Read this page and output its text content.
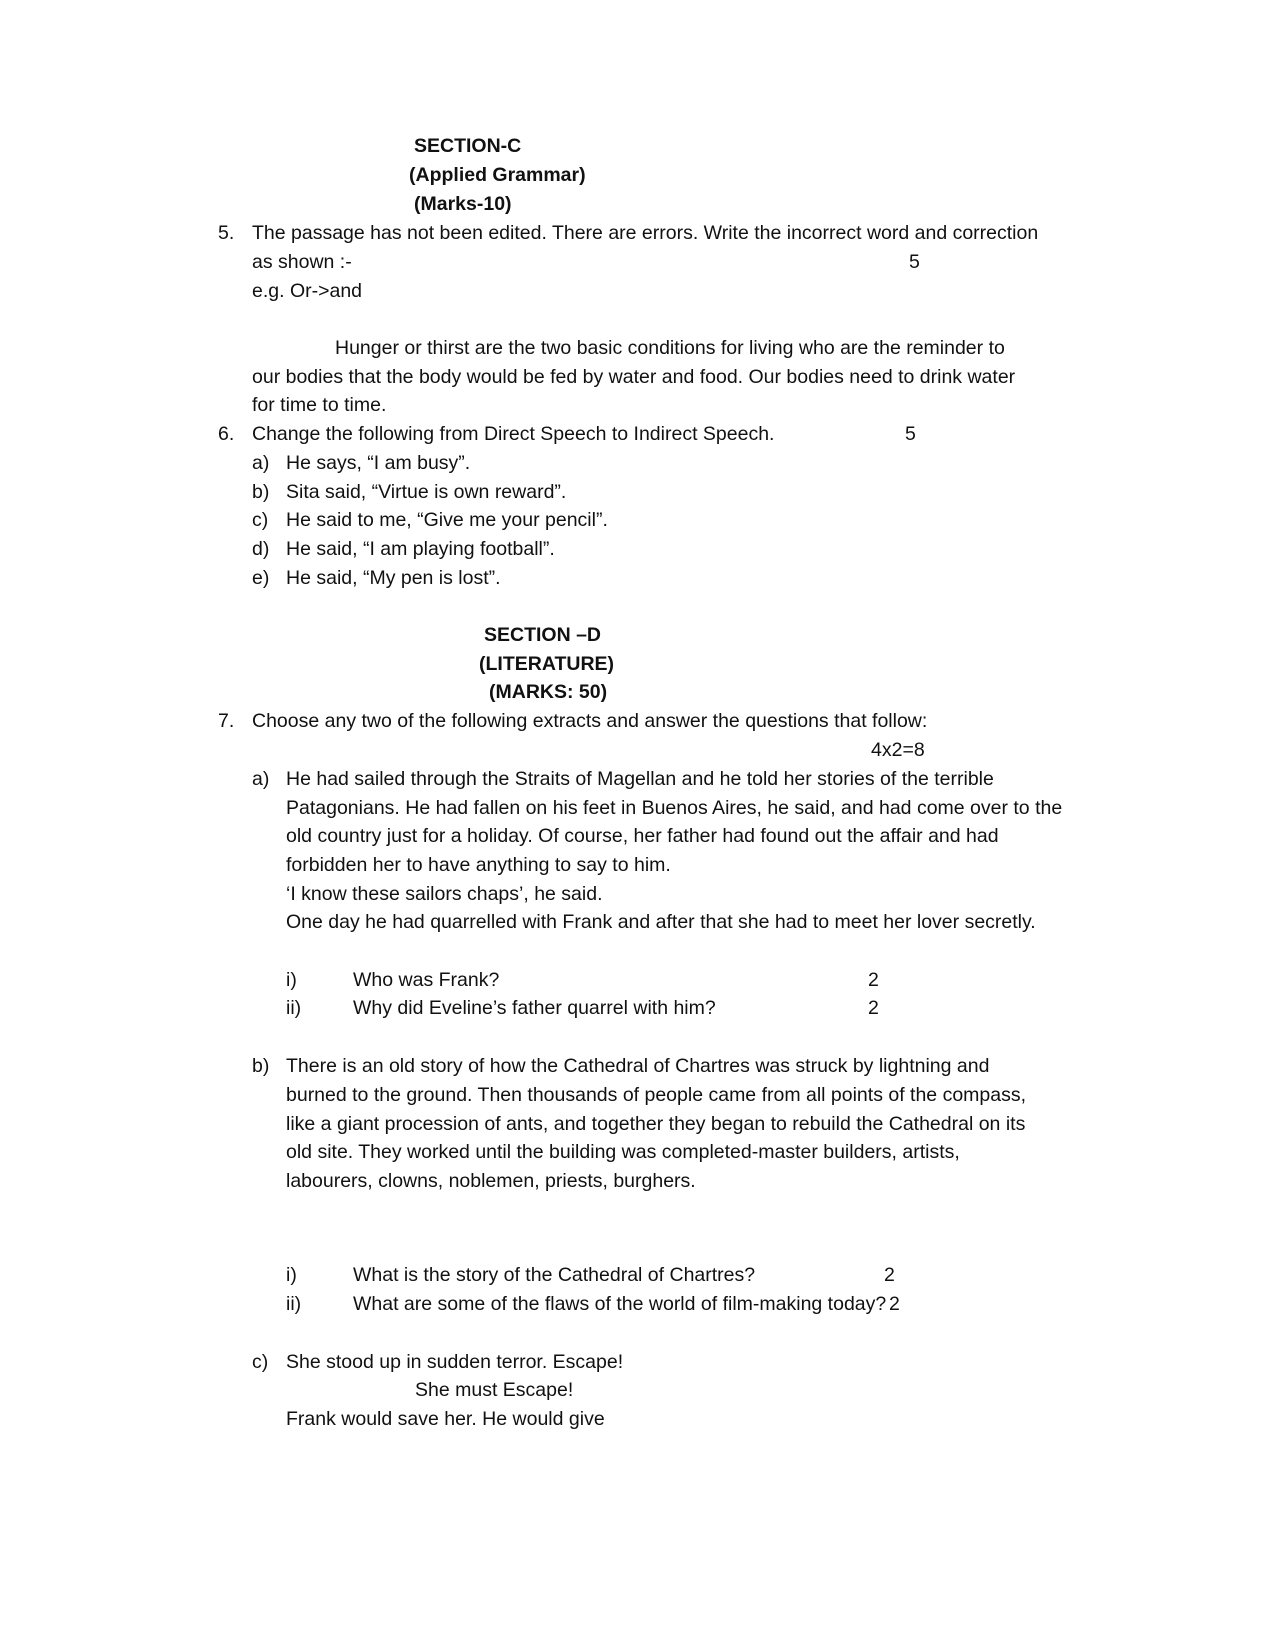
SECTION-C
(Applied Grammar)
(Marks-10)
5. The passage has not been edited. There are errors. Write the incorrect word and correction
as shown :-	5
e.g. Or->and
Hunger or thirst are the two basic conditions for living who are the reminder to
our bodies that the body would be fed by water and food. Our bodies need to drink water
for time to time.
6. Change the following from Direct Speech to Indirect Speech.	5
a) He says, “I am busy”.
b) Sita said, “Virtue is own reward”.
c) He said to me, “Give me your pencil”.
d) He said, “I am playing football”.
e) He said, “My pen is lost”.
SECTION –D
(LITERATURE)
(MARKS: 50)
7. Choose any two of the following extracts and answer the questions that follow:
4x2=8
a) He had sailed through the Straits of Magellan and he told her stories of the terrible
Patagonians. He had fallen on his feet in Buenos Aires, he said, and had come over to the
old country just for a holiday. Of course, her father had found out the affair and had
forbidden her to have anything to say to him.
‘I know these sailors chaps’, he said.
One day he had quarrelled with Frank and after that she had to meet her lover secretly.
i)	Who was Frank?	2
ii)	Why did Eveline’s father quarrel with him?	2
b) There is an old story of how the Cathedral of Chartres was struck by lightning and
burned to the ground. Then thousands of people came from all points of the compass,
like a giant procession of ants, and together they began to rebuild the Cathedral on its
old site. They worked until the building was completed-master builders, artists,
labourers, clowns, noblemen, priests, burghers.
i)	What is the story of the Cathedral of Chartres?	2
ii)	What are some of the flaws of the world of film-making today? 2
c) She stood up in sudden terror. Escape!
She must Escape!
Frank would save her. He would give
